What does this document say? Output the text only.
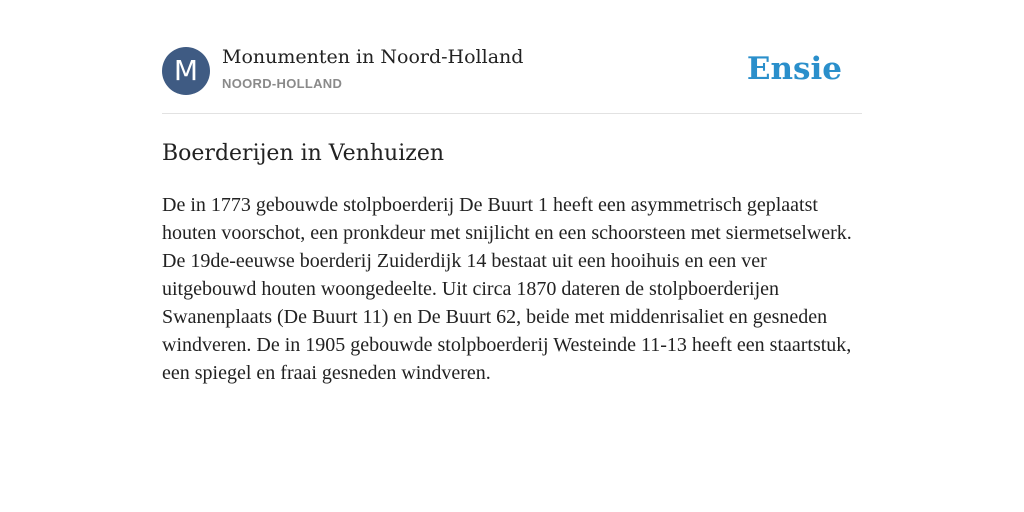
M	Monumenten in Noord-Holland
NOORD-HOLLAND	Ensie
Boerderijen in Venhuizen

De in 1773 gebouwde stolpboerderij De Buurt 1 heeft een asymmetrisch geplaatst houten voorschot, een pronkdeur met snijlicht en een schoorsteen met siermetselwerk. De 19de-eeuwse boerderij Zuiderdijk 14 bestaat uit een hooihuis en een ver uitgebouwd houten woongedeelte. Uit circa 1870 dateren de stolpboerderijen Swanenplaats (De Buurt 11) en De Buurt 62, beide met middenrisaliet en gesneden windveren. De in 1905 gebouwde stolpboerderij Westeinde 11-13 heeft een staartstuk, een spiegel en fraai gesneden windveren.
